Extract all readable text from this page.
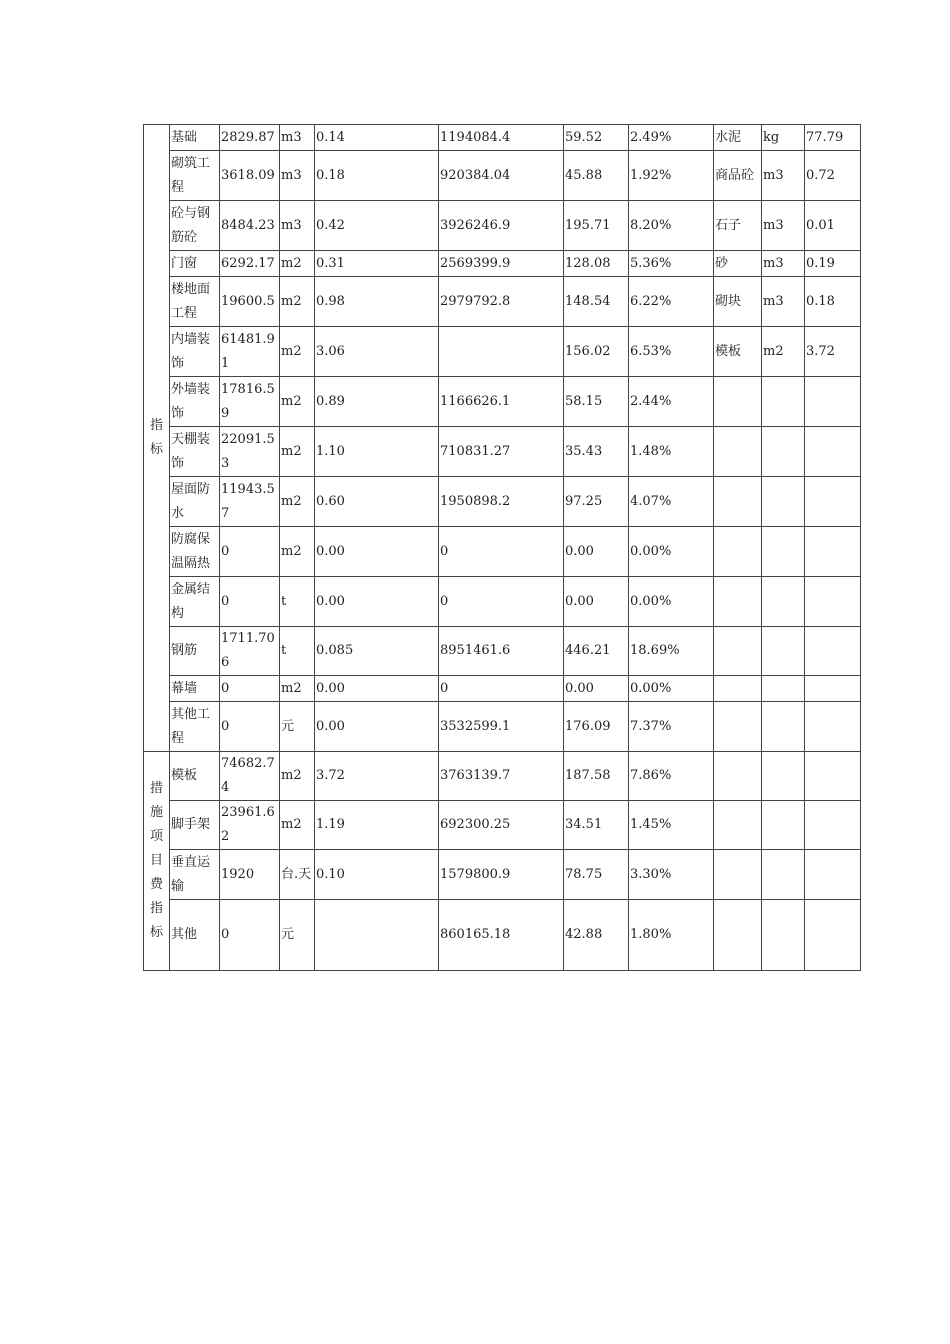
指标	基础	2829.87	m3	0.14	1194084.4	59.52	2.49%	水泥	kg	77.79
	砌筑工程	3618.09	m3	0.18	920384.04	45.88	1.92%	商品砼	m3	0.72
	砼与钢筋砼	8484.23	m3	0.42	3926246.9	195.71	8.20%	石子	m3	0.01
	门窗	6292.17	m2	0.31	2569399.9	128.08	5.36%	砂	m3	0.19
	楼地面工程	19600.5	m2	0.98	2979792.8	148.54	6.22%	砌块	m3	0.18
	内墙装饰	61481.91	m2	3.06		156.02	6.53%	模板	m2	3.72
	外墙装饰	17816.59	m2	0.89	1166626.1	58.15	2.44%			
	天棚装饰	22091.53	m2	1.10	710831.27	35.43	1.48%			
	屋面防水	11943.57	m2	0.60	1950898.2	97.25	4.07%			
	防腐保温隔热	0	m2	0.00	0	0.00	0.00%			
	金属结构	0	t	0.00	0	0.00	0.00%			
	钢筋	1711.706	t	0.085	8951461.6	446.21	18.69%			
	幕墙	0	m2	0.00	0	0.00	0.00%			
	其他工程	0	元	0.00	3532599.1	176.09	7.37%			
措施项目费指标	模板	74682.74	m2	3.72	3763139.7	187.58	7.86%			
	脚手架	23961.62	m2	1.19	692300.25	34.51	1.45%			
	垂直运输	1920	台.天	0.10	1579800.9	78.75	3.30%			
	其他	0	元		860165.18	42.88	1.80%			
